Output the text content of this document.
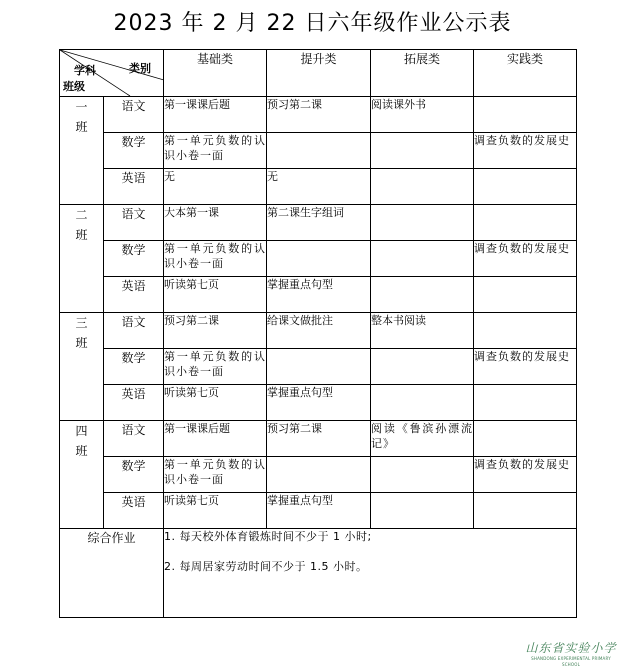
2023 年 2 月 22 日六年级作业公示表
学科 类别
班级		基础类	提升类	拓展类	实践类
一班	语文	第一课课后题	预习第二课	阅读课外书	
	数学	第一单元负数的认识小卷一面			调查负数的发展史
	英语	无	无		
二班	语文	大本第一课	第二课生字组词		
	数学	第一单元负数的认识小卷一面			调查负数的发展史
	英语	听读第七页	掌握重点句型		
三班	语文	预习第二课	给课文做批注	整本书阅读	
	数学	第一单元负数的认识小卷一面			调查负数的发展史
	英语	听读第七页	掌握重点句型		
四班	语文	第一课课后题	预习第二课	阅读《鲁滨孙漂流记》	
	数学	第一单元负数的认识小卷一面			调查负数的发展史
	英语	听读第七页	掌握重点句型		
综合作业		1. 每天校外体育锻炼时间不少于 1 小时;
2. 每周居家劳动时间不少于 1.5 小时。			
山东省实验小学
SHANDONG EXPERIMENTAL PRIMARY SCHOOL
